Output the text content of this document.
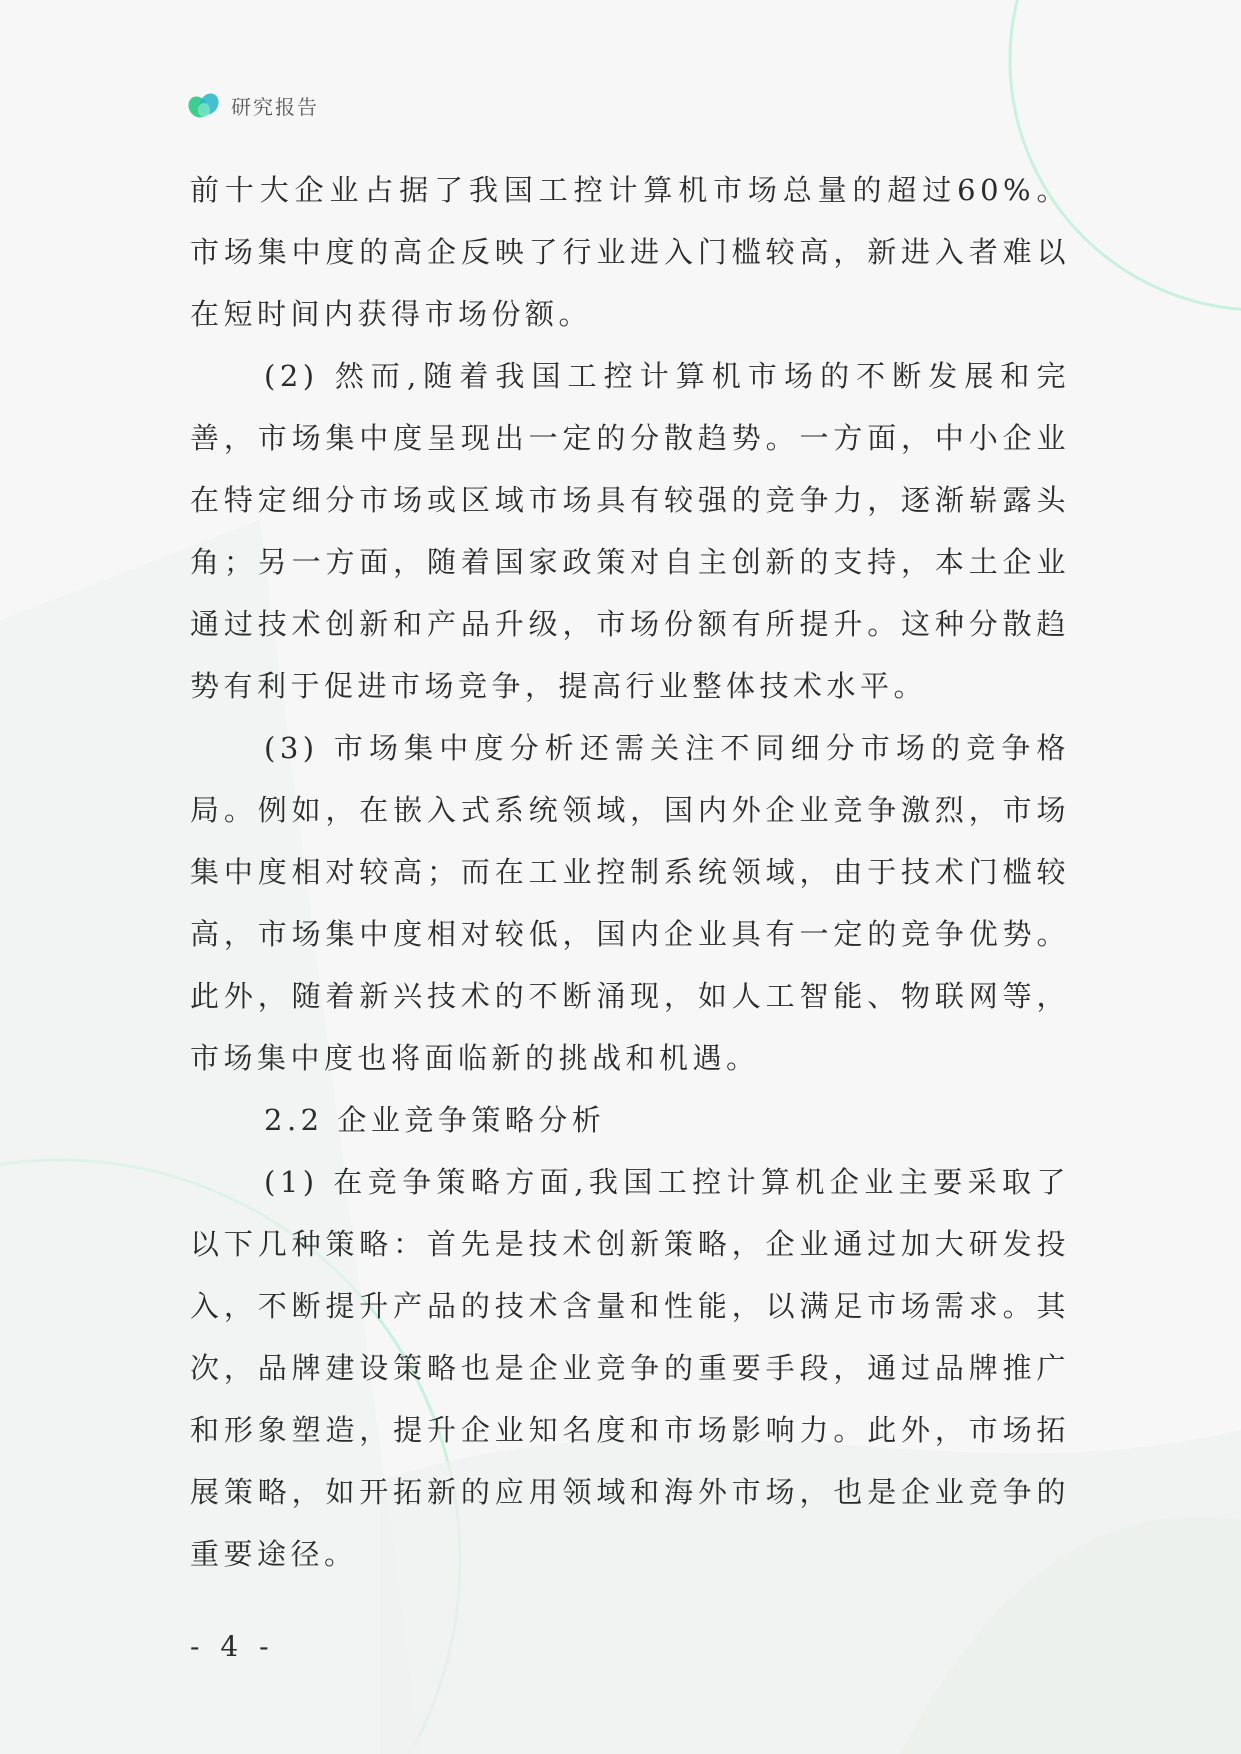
研究报告

前十大企业占据了我国工控计算机市场总量的超过60%。市场集中度的高企反映了行业进入门槛较高，新进入者难以在短时间内获得市场份额。

(2) 然而,随着我国工控计算机市场的不断发展和完善，市场集中度呈现出一定的分散趋势。一方面，中小企业在特定细分市场或区域市场具有较强的竞争力，逐渐崭露头角；另一方面，随着国家政策对自主创新的支持，本土企业通过技术创新和产品升级，市场份额有所提升。这种分散趋势有利于促进市场竞争，提高行业整体技术水平。

(3) 市场集中度分析还需关注不同细分市场的竞争格局。例如，在嵌入式系统领域，国内外企业竞争激烈，市场集中度相对较高；而在工业控制系统领域，由于技术门槛较高，市场集中度相对较低，国内企业具有一定的竞争优势。此外，随着新兴技术的不断涌现，如人工智能、物联网等，市场集中度也将面临新的挑战和机遇。

2.2 企业竞争策略分析

(1) 在竞争策略方面,我国工控计算机企业主要采取了以下几种策略：首先是技术创新策略，企业通过加大研发投入，不断提升产品的技术含量和性能，以满足市场需求。其次，品牌建设策略也是企业竞争的重要手段，通过品牌推广和形象塑造，提升企业知名度和市场影响力。此外，市场拓展策略，如开拓新的应用领域和海外市场，也是企业竞争的重要途径。

- 4 -
